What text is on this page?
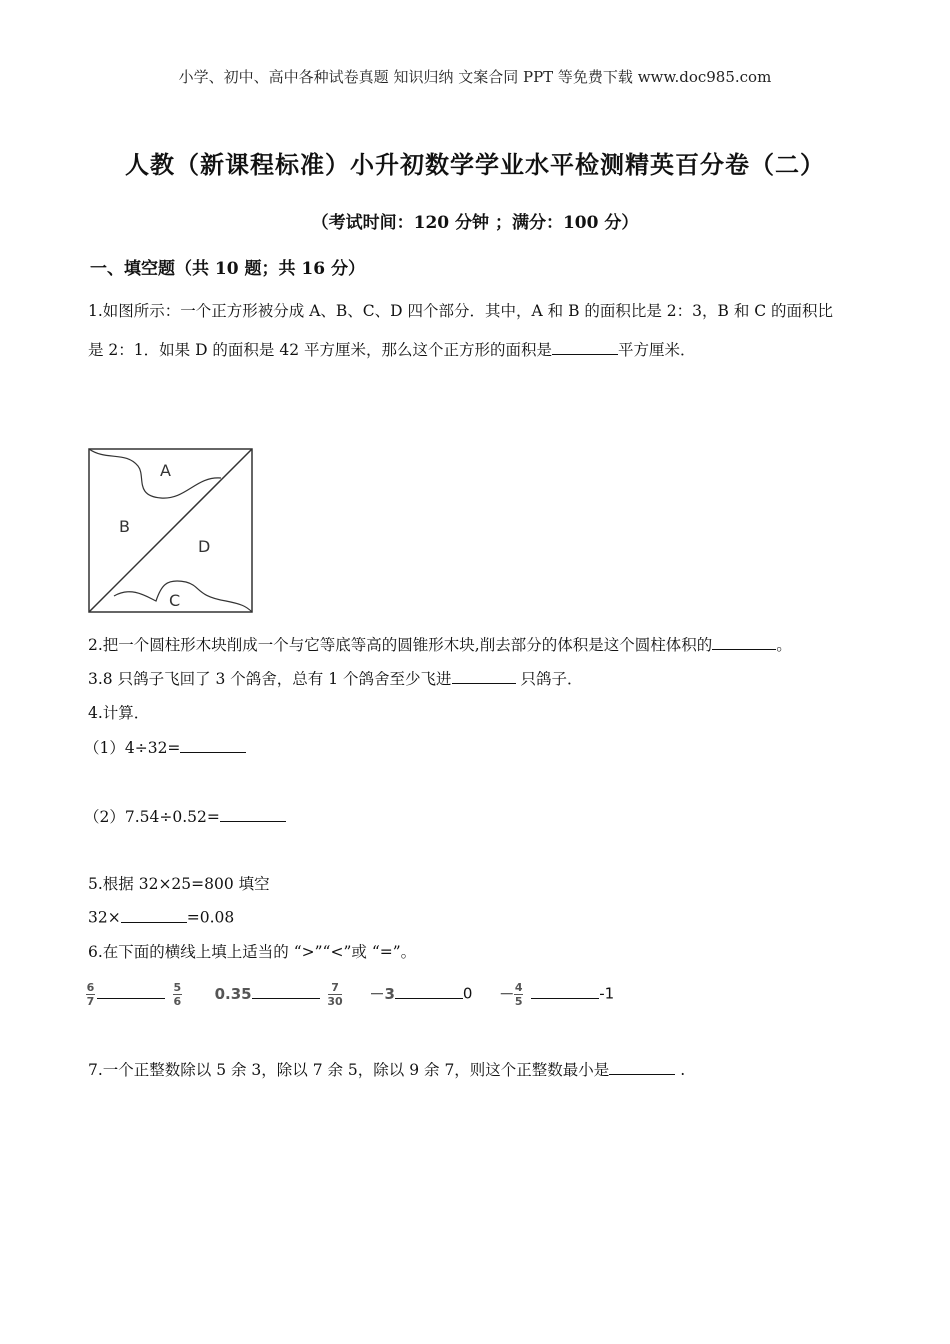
小学、初中、高中各种试卷真题 知识归纳 文案合同 PPT 等免费下载 www.doc985.com
人教（新课程标准）小升初数学学业水平检测精英百分卷（二）
（考试时间：120 分钟 ；满分：100 分）
一、填空题（共 10 题；共 16 分）
1.如图所示：一个正方形被分成 A、B、C、D 四个部分．其中，A 和 B 的面积比是 2：3，B 和 C 的面积比
是 2：1．如果 D 的面积是 42 平方厘米，那么这个正方形的面积是	平方厘米．
A
B
D
C
2.把一个圆柱形木块削成一个与它等底等高的圆锥形木块,削去部分的体积是这个圆柱体积的	。
3.8 只鸽子飞回了 3 个鸽舍，总有 1 个鸽舍至少飞进	只鸽子．
4.计算．
（1）4÷32=
（2）7.54÷0.52=
5.根据 32×25=800 填空
32×	=0.08
6.在下面的横线上填上适当的 “>”“<”或 “=”。
$\frac{6}{7}$
	$\frac{5}{6} 0.35$	$\frac{7}{30} -3$	$0 - \frac{4}{5}$	-1
7.一个正整数除以 5 余 3，除以 7 余 5，除以 9 余 7，则这个正整数最小是	.
